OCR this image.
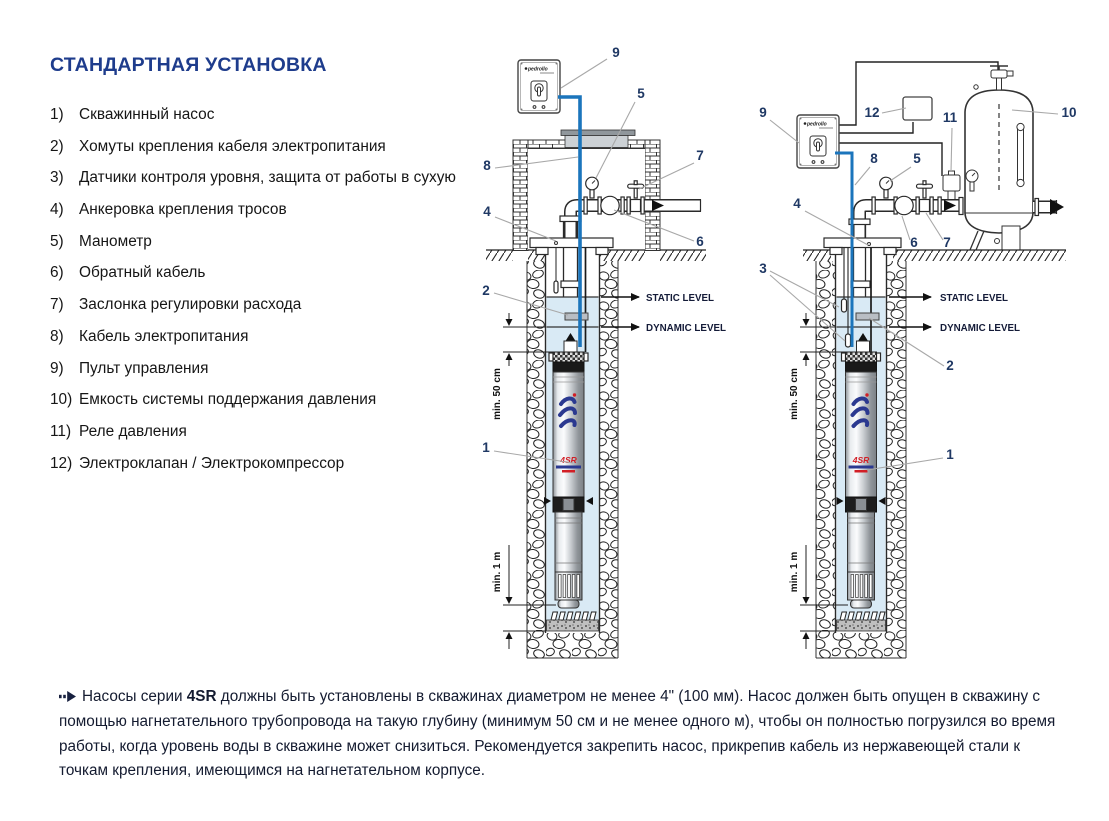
СТАНДАРТНАЯ УСТАНОВКА
1) Скважинный насос
2) Хомуты крепления кабеля электропитания
3) Датчики контроля уровня, защита от работы в сухую
4) Анкеровка крепления тросов
5) Манометр
6) Обратный кабель
7) Заслонка регулировки расхода
8) Кабель электропитания
9) Пульт управления
10) Емкость системы поддержания давления
11) Реле давления
12) Электроклапан / Электрокомпрессор	4SR
STATIC LEVEL
DYNAMIC LEVEL
min. 50 cm
min. 1 m
pedrollo
9
5
7
8
4
6
2
1
4SR
STATIC LEVEL
DYNAMIC LEVEL
min. 50 cm
min. 1 m
pedrollo
9	12	11	10
8	5
4
6 7
3
2
1
Насосы серии 4SR должны быть установлены в скважинах диаметром не менее 4" (100 мм). Насос должен быть опущен в скважину с помощью нагнетательного трубопровода на такую глубину (минимум 50 см и не менее одного м), чтобы он полностью погрузился во время работы, когда уровень воды в скважине может снизиться. Рекомендуется закрепить насос, прикрепив кабель из нержавеющей стали к точкам крепления, имеющимся на нагнетательном корпусе.
